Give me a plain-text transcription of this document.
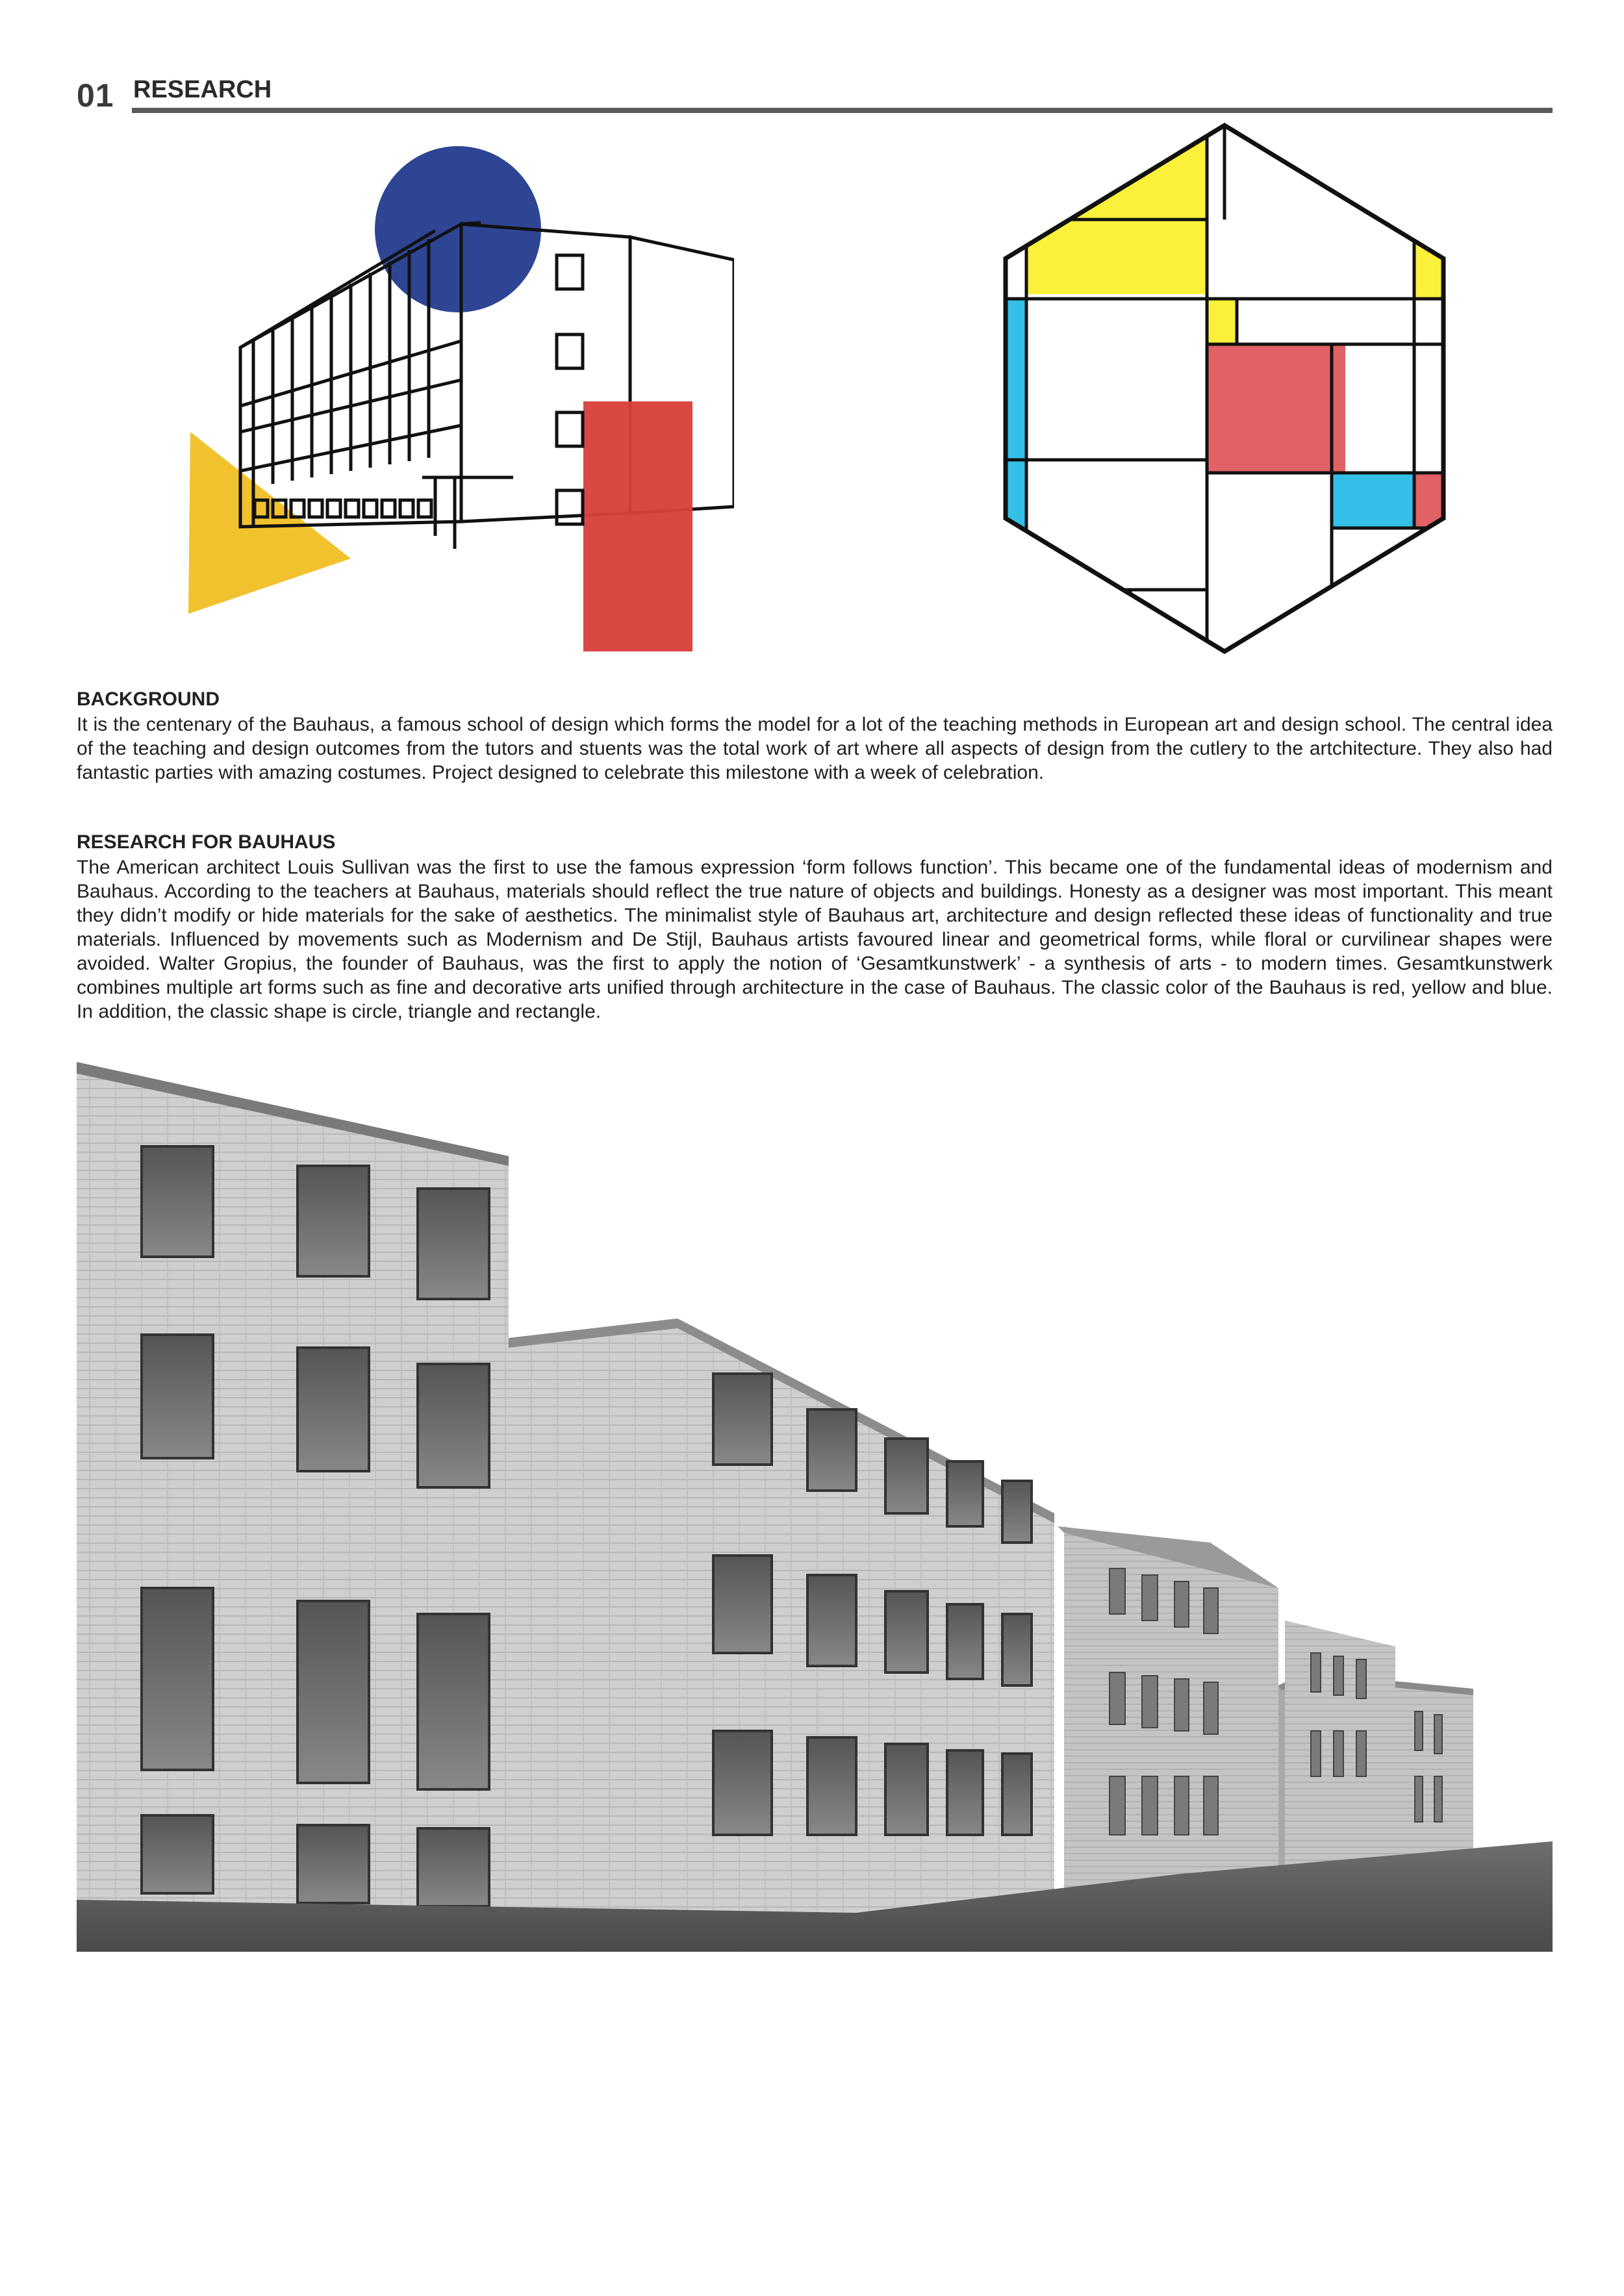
01 RESEARCH
BACKGROUND
It is the centenary of the Bauhaus, a famous school of design which forms the model for a lot of the teaching methods in European art and design school. The central idea of the teaching and design outcomes from the tutors and stuents was the total work of art where all aspects of design from the cutlery to the artchitecture. They also had fantastic parties with amazing costumes. Project designed to celebrate this milestone with a week of celebration.
RESEARCH FOR BAUHAUS
The American architect Louis Sullivan was the first to use the famous expression ‘form follows function’. This became one of the fundamental ideas of modernism and Bauhaus. According to the teachers at Bauhaus, materials should reflect the true nature of objects and buildings. Honesty as a designer was most important. This meant they didn’t modify or hide materials for the sake of aesthetics. The minimalist style of Bauhaus art, architecture and design reflected these ideas of functionality and true materials. Influenced by movements such as Modernism and De Stijl, Bauhaus artists favoured linear and geometrical forms, while floral or curvilinear shapes were avoided. Walter Gropius, the founder of Bauhaus, was the first to apply the notion of ‘Gesamtkunstwerk’ - a synthesis of arts - to modern times. Gesamtkunstwerk combines multiple art forms such as fine and decorative arts unified through architecture in the case of Bauhaus. The classic color of the Bauhaus is red, yellow and blue. In addition, the classic shape is circle, triangle and rectangle.
